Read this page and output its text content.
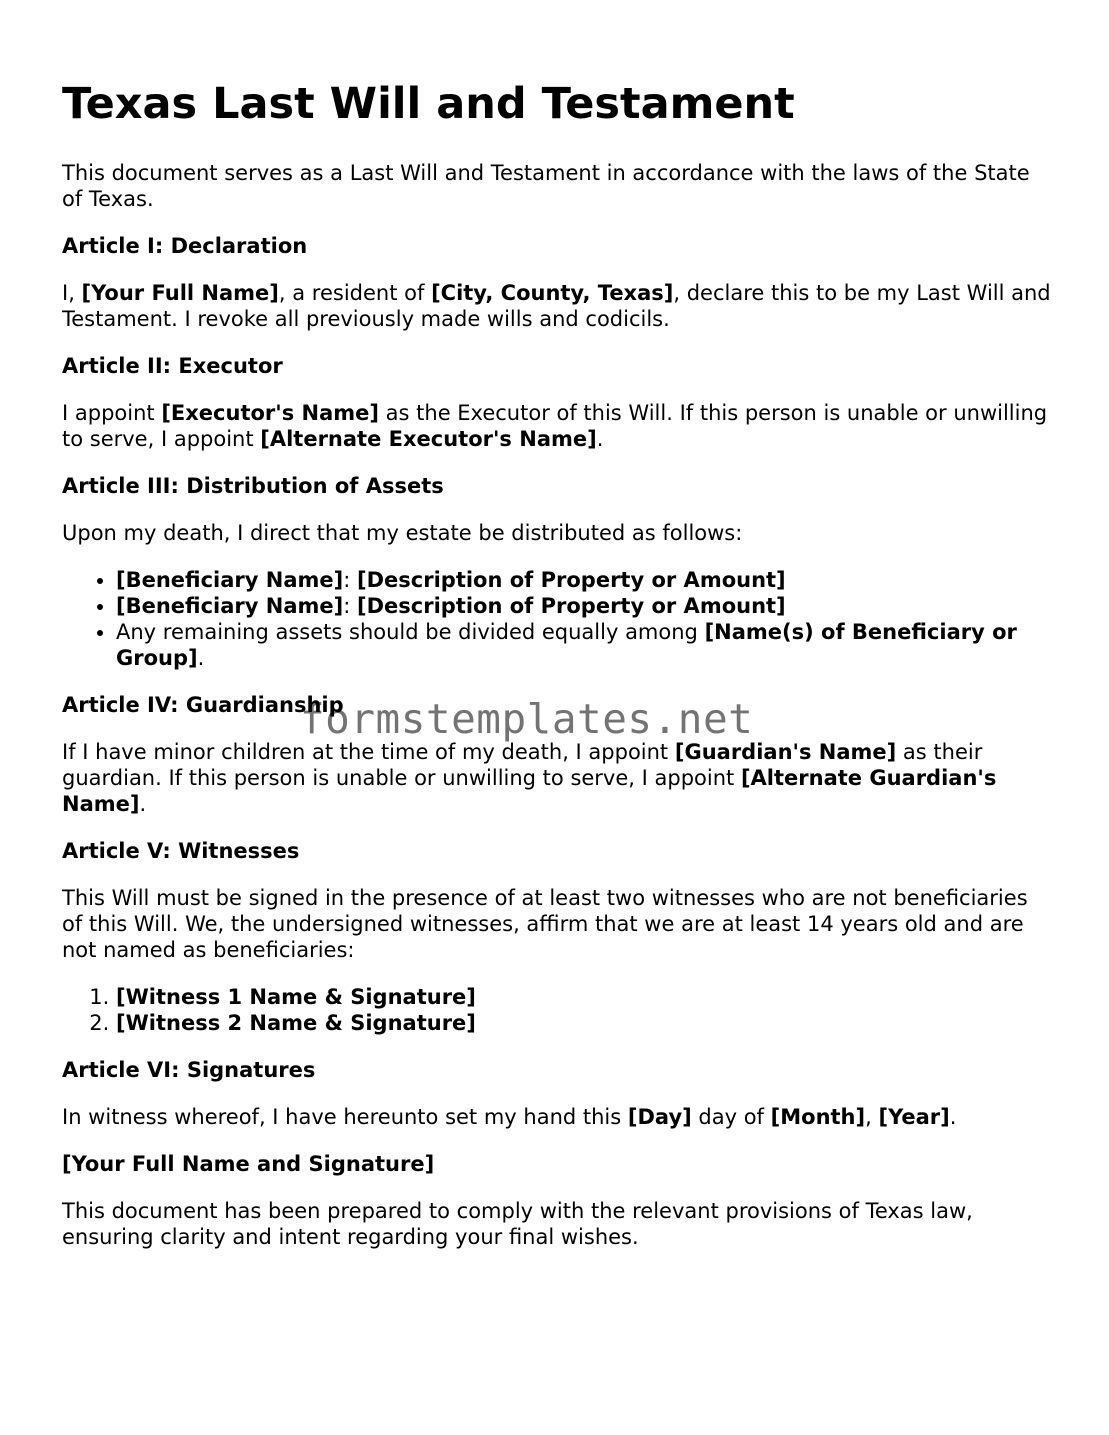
Texas Last Will and Testament

This document serves as a Last Will and Testament in accordance with the laws of the State of Texas.

Article I: Declaration

I, [Your Full Name], a resident of [City, County, Texas], declare this to be my Last Will and Testament. I revoke all previously made wills and codicils.

Article II: Executor

I appoint [Executor's Name] as the Executor of this Will. If this person is unable or unwilling to serve, I appoint [Alternate Executor's Name].

Article III: Distribution of Assets

Upon my death, I direct that my estate be distributed as follows:

• [Beneficiary Name]: [Description of Property or Amount]
• [Beneficiary Name]: [Description of Property or Amount]
• Any remaining assets should be divided equally among [Name(s) of Beneficiary or Group].

Article IV: Guardianship

If I have minor children at the time of my death, I appoint [Guardian's Name] as their guardian. If this person is unable or unwilling to serve, I appoint [Alternate Guardian's Name].

Article V: Witnesses

This Will must be signed in the presence of at least two witnesses who are not beneficiaries of this Will. We, the undersigned witnesses, affirm that we are at least 14 years old and are not named as beneficiaries:

1. [Witness 1 Name & Signature]
2. [Witness 2 Name & Signature]

Article VI: Signatures

In witness whereof, I have hereunto set my hand this [Day] day of [Month], [Year].

[Your Full Name and Signature]

This document has been prepared to comply with the relevant provisions of Texas law, ensuring clarity and intent regarding your final wishes.

formstemplates.net
